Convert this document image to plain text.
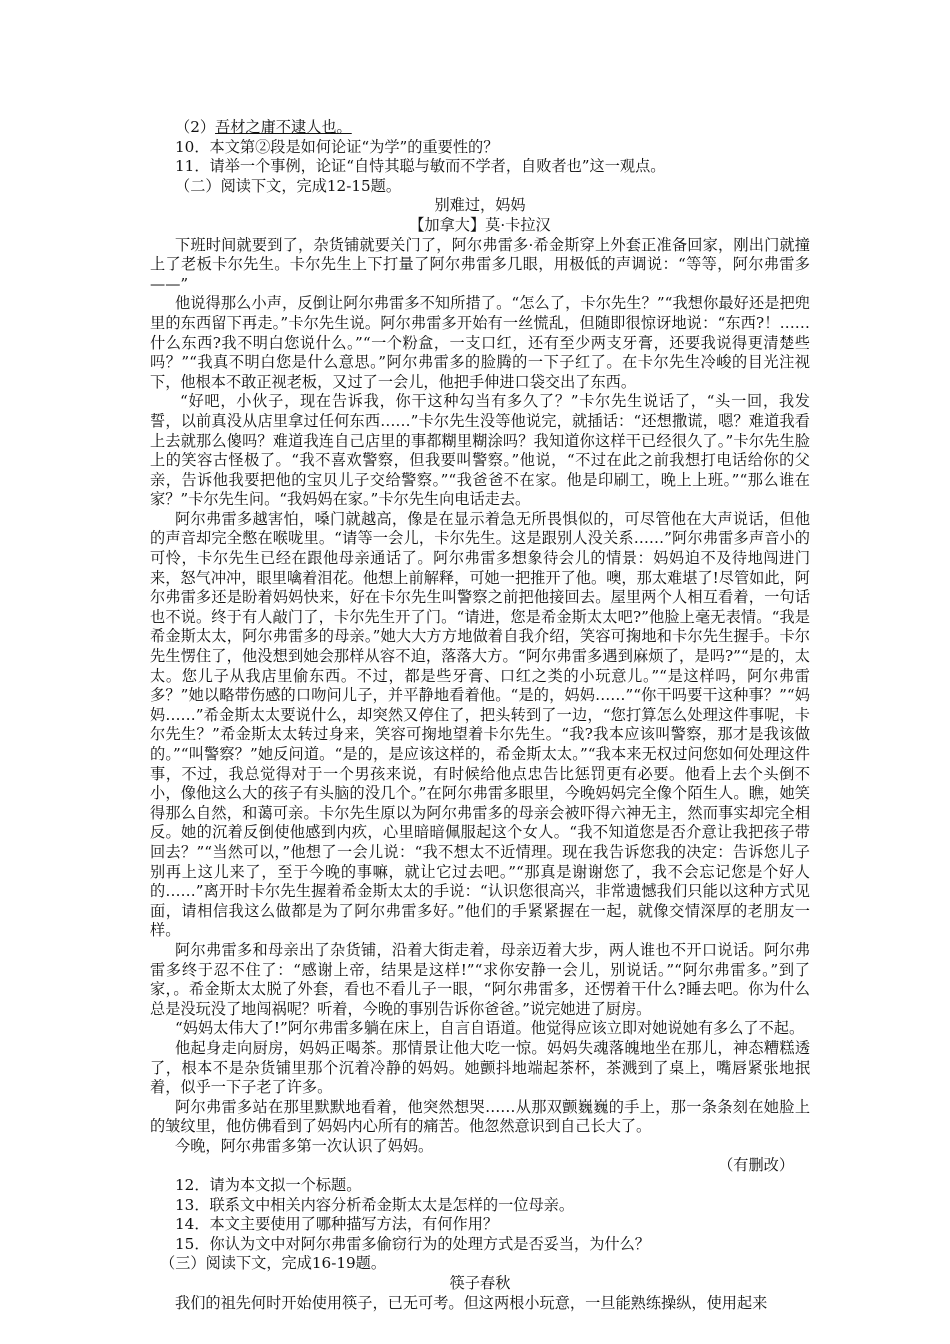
（2）吾材之庸不逮人也。

10．本文第②段是如何论证“为学”的重要性的？

11．请举一个事例，论证“自恃其聪与敏而不学者，自败者也”这一观点。

（二）阅读下文，完成12-15题。

别难过，妈妈

【加拿大】莫·卡拉汉

下班时间就要到了，杂货铺就要关门了，阿尔弗雷多·希金斯穿上外套正准备回家，刚出门就撞上了老板卡尔先生。卡尔先生上下打量了阿尔弗雷多几眼，用极低的声调说：“等等，阿尔弗雷多——”

他说得那么小声，反倒让阿尔弗雷多不知所措了。“怎么了，卡尔先生？”“我想你最好还是把兜里的东西留下再走。”卡尔先生说。阿尔弗雷多开始有一丝慌乱，但随即很惊讶地说：“东西?！……什么东西?我不明白您说什么。”“一个粉盒，一支口红，还有至少两支牙膏，还要我说得更清楚些吗？”“我真不明白您是什么意思。”阿尔弗雷多的脸腾的一下子红了。在卡尔先生冷峻的目光注视下，他根本不敢正视老板，又过了一会儿，他把手伸进口袋交出了东西。

“好吧，小伙子，现在告诉我，你干这种勾当有多久了？”卡尔先生说话了，“头一回，我发誓，以前真没从店里拿过任何东西……”卡尔先生没等他说完，就插话：“还想撒谎，嗯？难道我看上去就那么傻吗？难道我连自己店里的事都糊里糊涂吗？我知道你这样干已经很久了。”卡尔先生脸上的笑容古怪极了。“我不喜欢警察，但我要叫警察。”他说，“不过在此之前我想打电话给你的父亲，告诉他我要把他的宝贝儿子交给警察。”“我爸爸不在家。他是印刷工，晚上上班。”“那么谁在家？”卡尔先生问。“我妈妈在家。”卡尔先生向电话走去。

阿尔弗雷多越害怕，嗓门就越高，像是在显示着急无所畏惧似的，可尽管他在大声说话，但他的声音却完全憋在喉咙里。“请等一会儿，卡尔先生。这是跟别人没关系……”阿尔弗雷多声音小的可怜，卡尔先生已经在跟他母亲通话了。阿尔弗雷多想象待会儿的情景：妈妈迫不及待地闯进门来，怒气冲冲，眼里噙着泪花。他想上前解释，可她一把推开了他。噢，那太难堪了!尽管如此，阿尔弗雷多还是盼着妈妈快来，好在卡尔先生叫警察之前把他接回去。屋里两个人相互看着，一句话也不说。终于有人敲门了，卡尔先生开了门。“请进，您是希金斯太太吧?”他脸上毫无表情。“我是希金斯太太，阿尔弗雷多的母亲。”她大大方方地做着自我介绍，笑容可掬地和卡尔先生握手。卡尔先生愣住了，他没想到她会那样从容不迫，落落大方。“阿尔弗雷多遇到麻烦了，是吗?”“是的，太太。您儿子从我店里偷东西。不过，都是些牙膏、口红之类的小玩意儿。”“是这样吗，阿尔弗雷多？”她以略带伤感的口吻问儿子，并平静地看着他。“是的，妈妈……”“你干吗要干这种事？”“妈妈……”希金斯太太要说什么，却突然又停住了，把头转到了一边，“您打算怎么处理这件事呢，卡尔先生？”希金斯太太转过身来，笑容可掬地望着卡尔先生。“我?我本应该叫警察，那才是我该做的。”“叫警察？”她反问道。“是的，是应该这样的，希金斯太太。”“我本来无权过问您如何处理这件事，不过，我总觉得对于一个男孩来说，有时候给他点忠告比惩罚更有必要。他看上去个头倒不小，像他这么大的孩子有头脑的没几个。”在阿尔弗雷多眼里，今晚妈妈完全像个陌生人。瞧，她笑得那么自然，和蔼可亲。卡尔先生原以为阿尔弗雷多的母亲会被吓得六神无主，然而事实却完全相反。她的沉着反倒使他感到内疚，心里暗暗佩服起这个女人。“我不知道您是否介意让我把孩子带回去？”“当然可以，”他想了一会儿说：“我不想太不近情理。现在我告诉您我的决定：告诉您儿子别再上这儿来了，至于今晚的事嘛，就让它过去吧。”“那真是谢谢您了，我不会忘记您是个好人的……”离开时卡尔先生握着希金斯太太的手说：“认识您很高兴，非常遗憾我们只能以这种方式见面，请相信我这么做都是为了阿尔弗雷多好。”他们的手紧紧握在一起，就像交情深厚的老朋友一样。

阿尔弗雷多和母亲出了杂货铺，沿着大街走着，母亲迈着大步，两人谁也不开口说话。阿尔弗雷多终于忍不住了：“感谢上帝，结果是这样!”“求你安静一会儿，别说话。”“阿尔弗雷多。”到了家，。希金斯太太脱了外套，看也不看儿子一眼，“阿尔弗雷多，还愣着干什么?睡去吧。你为什么总是没玩没了地闯祸呢？听着，今晚的事别告诉你爸爸。”说完她进了厨房。

“妈妈太伟大了!”阿尔弗雷多躺在床上，自言自语道。他觉得应该立即对她说她有多么了不起。

他起身走向厨房，妈妈正喝茶。那情景让他大吃一惊。妈妈失魂落魄地坐在那儿，神态糟糕透了，根本不是杂货铺里那个沉着冷静的妈妈。她颤抖地端起茶杯，茶溅到了桌上，嘴唇紧张地抿着，似乎一下子老了许多。

阿尔弗雷多站在那里默默地看着，他突然想哭……从那双颤巍巍的手上，那一条条刻在她脸上的皱纹里，他仿佛看到了妈妈内心所有的痛苦。他忽然意识到自己长大了。

今晚，阿尔弗雷多第一次认识了妈妈。

（有删改）

12．请为本文拟一个标题。

13．联系文中相关内容分析希金斯太太是怎样的一位母亲。

14．本文主要使用了哪种描写方法，有何作用？

15．你认为文中对阿尔弗雷多偷窃行为的处理方式是否妥当，为什么？

（三）阅读下文，完成16-19题。

筷子春秋

我们的祖先何时开始使用筷子，已无可考。但这两根小玩意，一旦能熟练操纵，使用起来
